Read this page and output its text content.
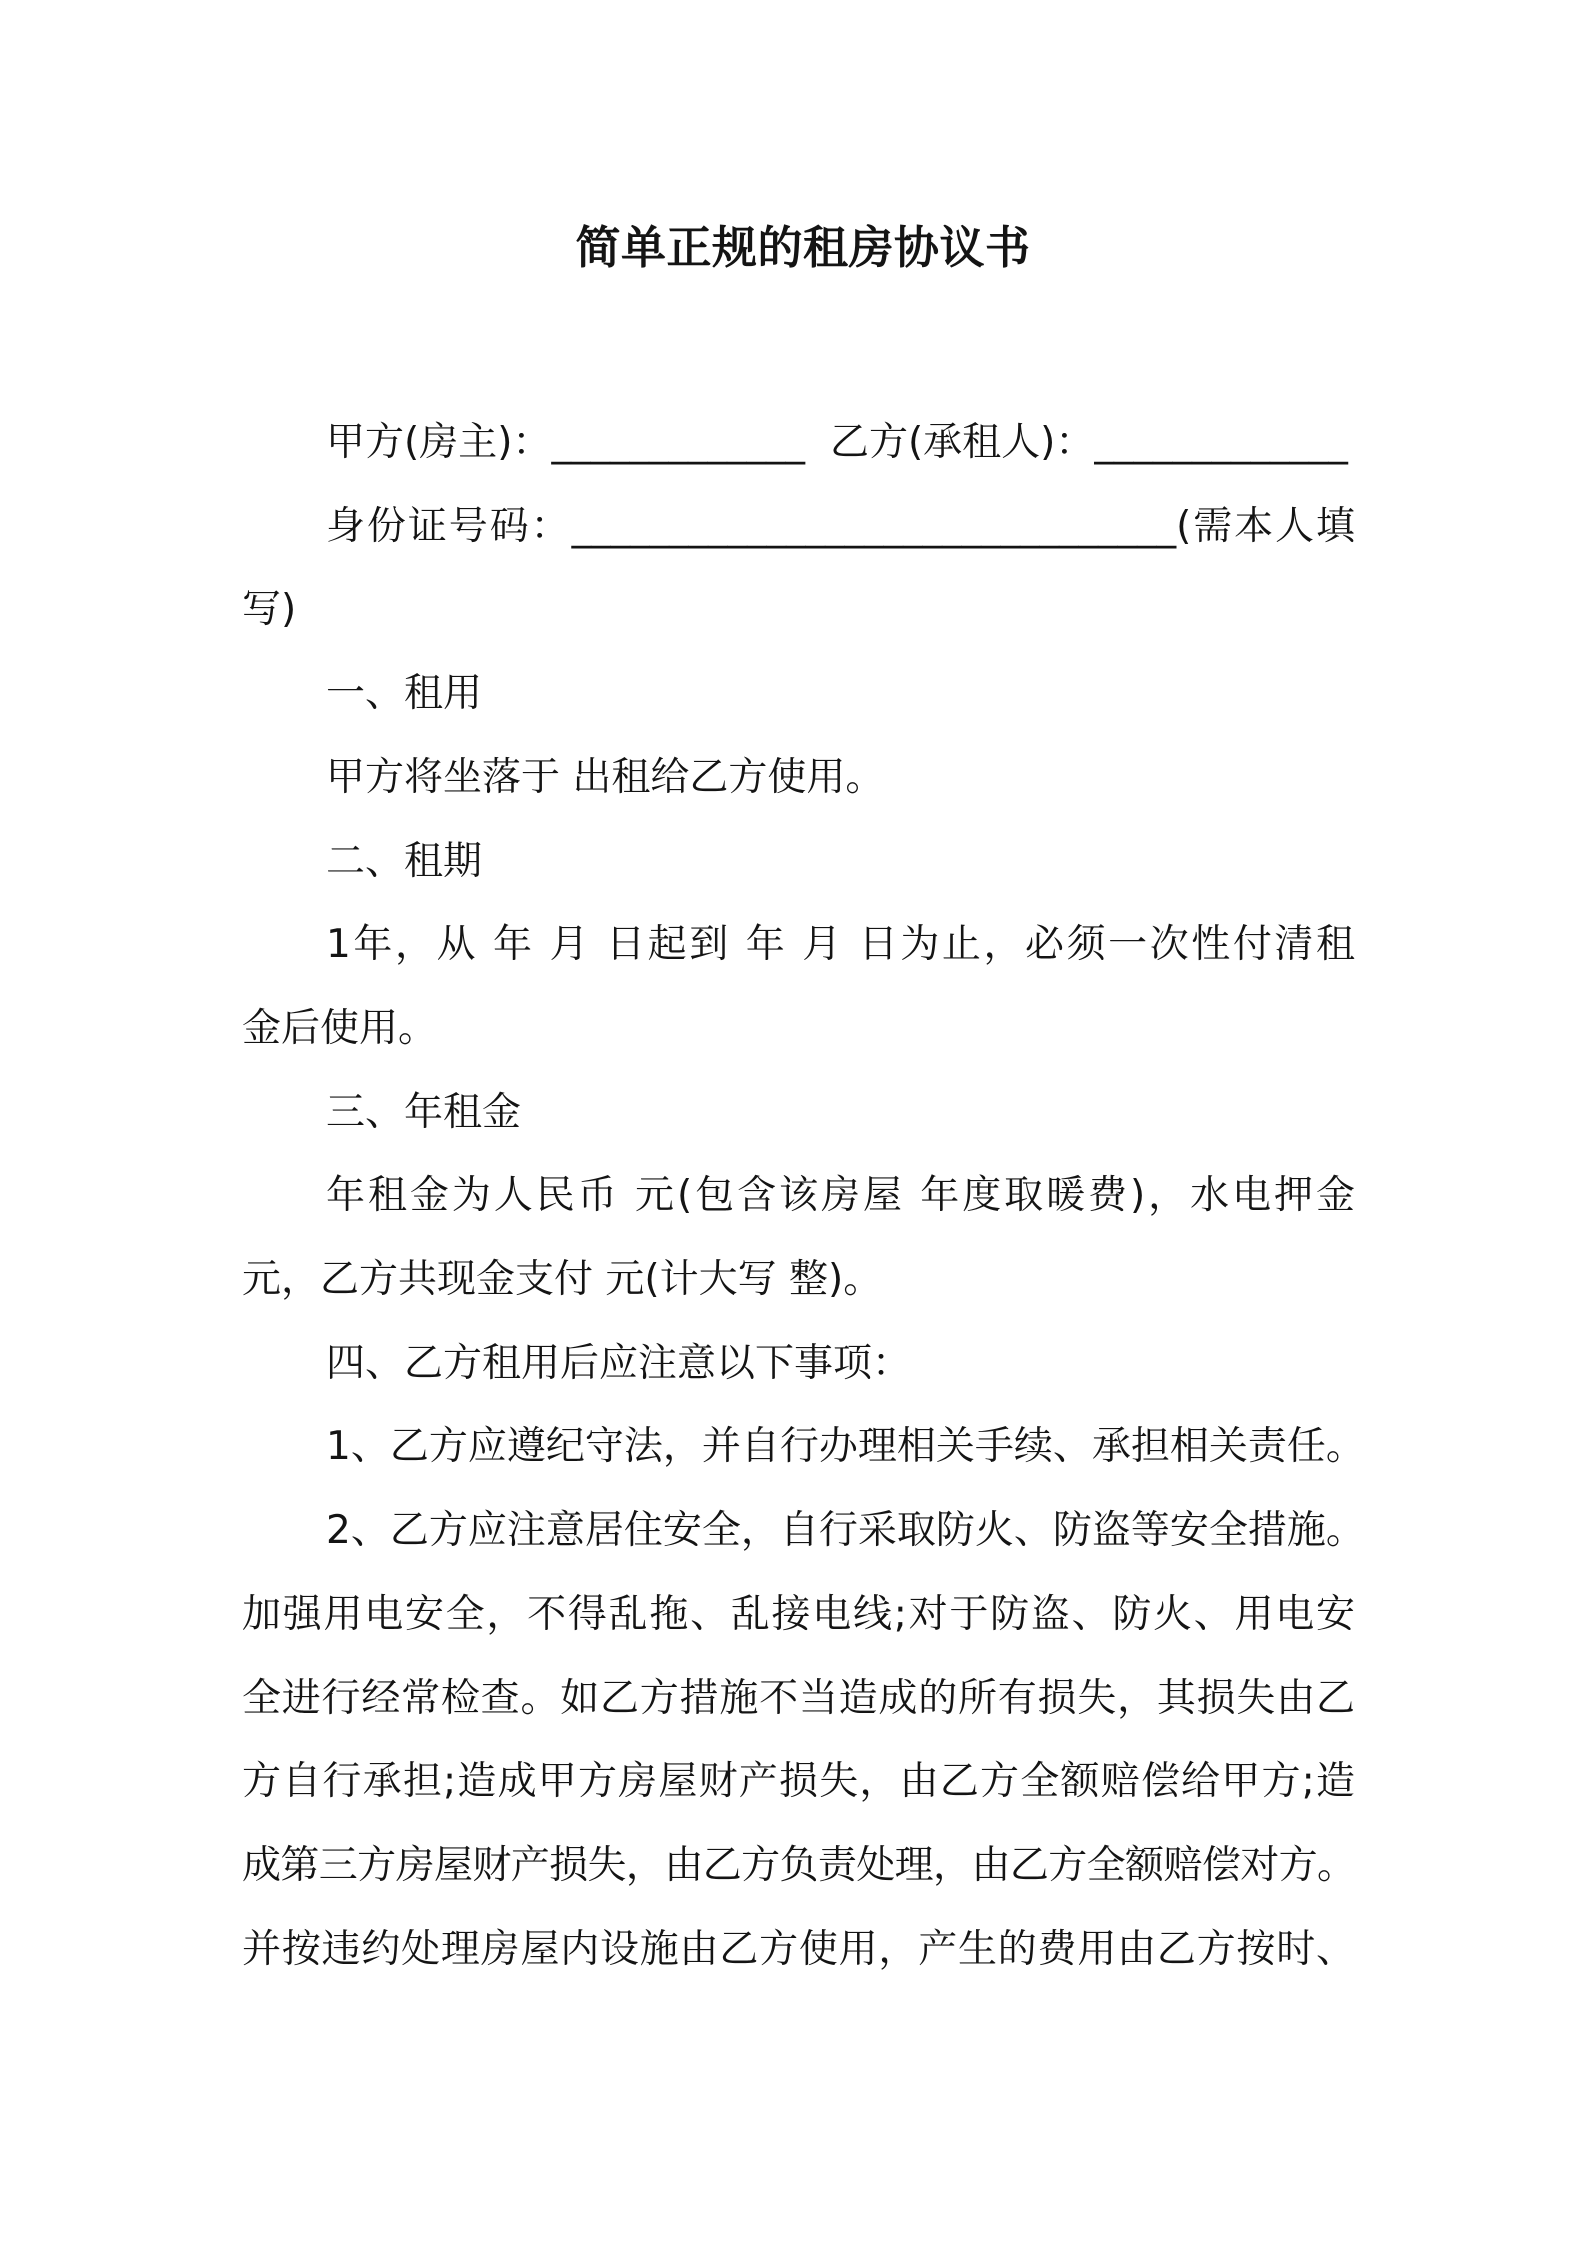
简单正规的租房协议书
甲方(房主)：_____________ 乙方(承租人)：_____________
身份证号码：_______________________________(需本人填
写)
一、租用
甲方将坐落于 出租给乙方使用。
二、租期
1年，从 年 月 日起到 年 月 日为止，必须一次性付清租
金后使用。
三、年租金
年租金为人民币 元(包含该房屋 年度取暖费)，水电押金
元，乙方共现金支付 元(计大写 整)。
四、乙方租用后应注意以下事项：
1、乙方应遵纪守法，并自行办理相关手续、承担相关责任。
2、乙方应注意居住安全，自行采取防火、防盗等安全措施。
加强用电安全，不得乱拖、乱接电线;对于防盗、防火、用电安
全进行经常检查。如乙方措施不当造成的所有损失，其损失由乙
方自行承担;造成甲方房屋财产损失，由乙方全额赔偿给甲方;造
成第三方房屋财产损失，由乙方负责处理，由乙方全额赔偿对方。
并按违约处理房屋内设施由乙方使用，产生的费用由乙方按时、
